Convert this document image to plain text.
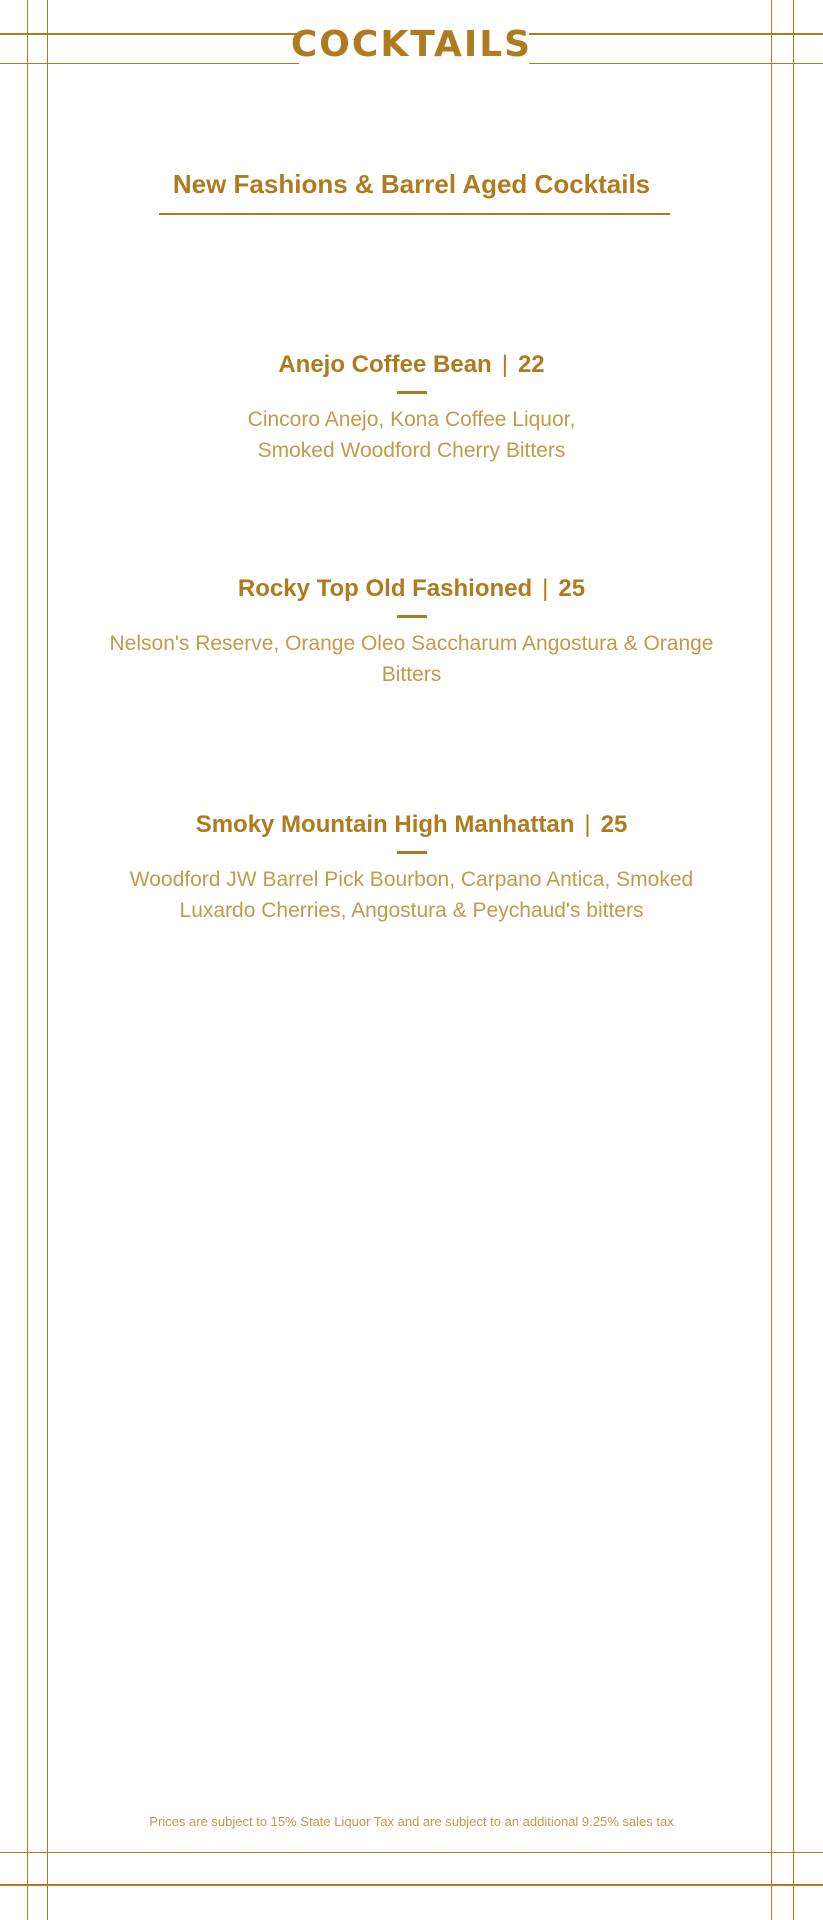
COCKTAILS
New Fashions & Barrel Aged Cocktails
Anejo Coffee Bean | 22
Cincoro Anejo, Kona Coffee Liquor,
Smoked Woodford Cherry Bitters
Rocky Top Old Fashioned | 25
Nelson's Reserve, Orange Oleo Saccharum Angostura & Orange
Bitters
Smoky Mountain High Manhattan | 25
Woodford JW Barrel Pick Bourbon, Carpano Antica, Smoked
Luxardo Cherries, Angostura & Peychaud's bitters
Prices are subject to 15% State Liquor Tax and are subject to an additional 9.25% sales tax
